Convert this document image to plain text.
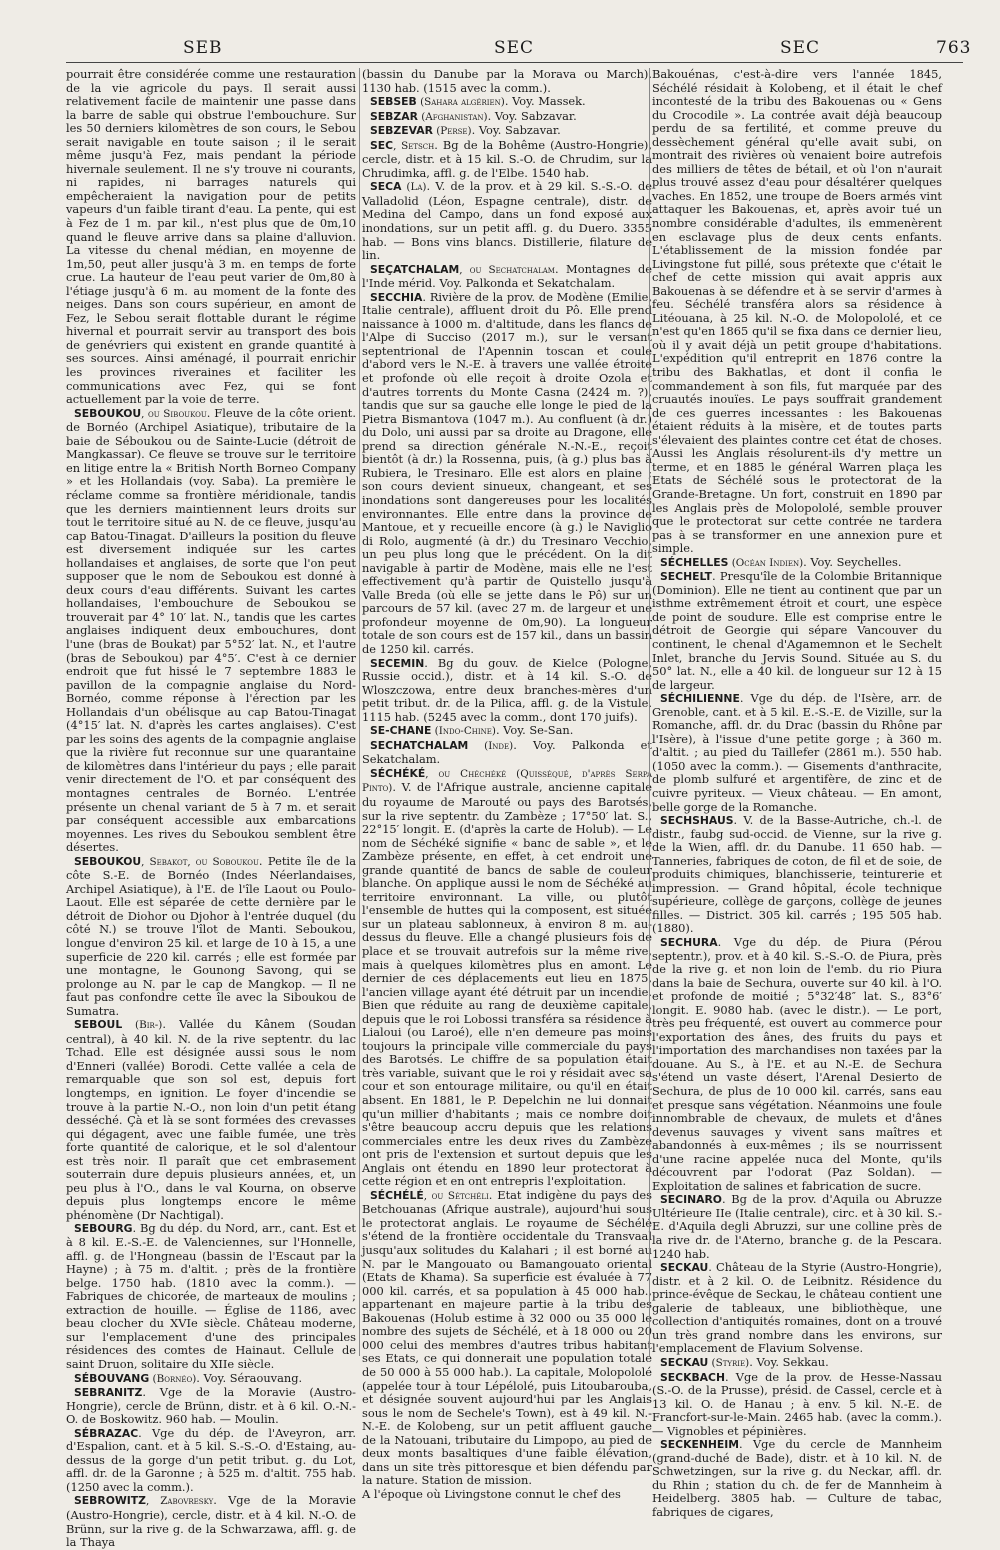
SEB	SEC	SEC	763

pourrait être considérée comme une restauration de la vie agricole du pays. Il serait aussi relativement facile de maintenir une passe dans la barre de sable qui obstrue l'embouchure. Sur les 50 derniers kilomètres de son cours, le Sebou serait navigable en toute saison ; il le serait même jusqu'à Fez, mais pendant la période hivernale seulement. Il ne s'y trouve ni courants, ni rapides, ni barrages naturels qui empêcheraient la navigation pour de petits vapeurs d'un faible tirant d'eau. La pente, qui est à Fez de 1 m. par kil., n'est plus que de 0m,10 quand le fleuve arrive dans sa plaine d'alluvion. La vitesse du chenal médian, en moyenne de 1m,50, peut aller jusqu'à 3 m. en temps de forte crue. La hauteur de l'eau peut varier de 0m,80 à l'étiage jusqu'à 6 m. au moment de la fonte des neiges. Dans son cours supérieur, en amont de Fez, le Sebou serait flottable durant le régime hivernal et pourrait servir au transport des bois de genévriers qui existent en grande quantité à ses sources. Ainsi aménagé, il pourrait enrichir les provinces riveraines et faciliter les communications avec Fez, qui se font actuellement par la voie de terre.

SEBOUKOU, ou Siboukou. Fleuve de la côte orient. de Bornéo (Archipel Asiatique), tributaire de la baie de Séboukou ou de Sainte-Lucie (détroit de Mangkassar). Ce fleuve se trouve sur le territoire en litige entre la « British North Borneo Company » et les Hollandais (voy. Saba). La première le réclame comme sa frontière méridionale, tandis que les derniers maintiennent leurs droits sur tout le territoire situé au N. de ce fleuve, jusqu'au cap Batou-Tinagat. D'ailleurs la position du fleuve est diversement indiquée sur les cartes hollandaises et anglaises, de sorte que l'on peut supposer que le nom de Seboukou est donné à deux cours d'eau différents. Suivant les cartes hollandaises, l'embouchure de Seboukou se trouverait par 4° 10′ lat. N., tandis que les cartes anglaises indiquent deux embouchures, dont l'une (bras de Boukat) par 5°52′ lat. N., et l'autre (bras de Seboukou) par 4°5′. C'est à ce dernier endroit que fut hissé le 7 septembre 1883 le pavillon de la compagnie anglaise du Nord-Bornéo, comme réponse à l'érection par les Hollandais d'un obélisque au cap Batou-Tinagat (4°15′ lat. N. d'après les cartes anglaises). C'est par les soins des agents de la compagnie anglaise que la rivière fut reconnue sur une quarantaine de kilomètres dans l'intérieur du pays ; elle parait venir directement de l'O. et par conséquent des montagnes centrales de Bornéo. L'entrée présente un chenal variant de 5 à 7 m. et serait par conséquent accessible aux embarcations moyennes. Les rives du Seboukou semblent être désertes.

SEBOUKOU, Sebakot, ou Soboukou. Petite île de la côte S.-E. de Bornéo (Indes Néerlandaises, Archipel Asiatique), à l'E. de l'île Laout ou Poulo-Laout. Elle est séparée de cette dernière par le détroit de Diohor ou Djohor à l'entrée duquel (du côté N.) se trouve l'îlot de Manti. Seboukou, longue d'environ 25 kil. et large de 10 à 15, a une superficie de 220 kil. carrés ; elle est formée par une montagne, le Gounong Savong, qui se prolonge au N. par le cap de Mangkop. — Il ne faut pas confondre cette île avec la Siboukou de Sumatra.

SEBOUL (Bir-). Vallée du Kânem (Soudan central), à 40 kil. N. de la rive septentr. du lac Tchad. Elle est désignée aussi sous le nom d'Enneri (vallée) Borodi. Cette vallée a cela de remarquable que son sol est, depuis fort longtemps, en ignition. Le foyer d'incendie se trouve à la partie N.-O., non loin d'un petit étang desséché. Çà et là se sont formées des crevasses qui dégagent, avec une faible fumée, une très forte quantité de calorique, et le sol d'alentour est très noir. Il paraît que cet embrasement souterrain dure depuis plusieurs années, et, un peu plus à l'O., dans le val Kourna, on observe depuis plus longtemps encore le même phénomène (Dr Nachtigal).

SEBOURG. Bg du dép. du Nord, arr., cant. Est et à 8 kil. E.-S.-E. de Valenciennes, sur l'Honnelle, affl. g. de l'Hongneau (bassin de l'Escaut par la Hayne) ; à 75 m. d'altit. ; près de la frontière belge. 1750 hab. (1810 avec la comm.). — Fabriques de chicorée, de marteaux de moulins ; extraction de houille. — Église de 1186, avec beau clocher du XVIe siècle. Château moderne, sur l'emplacement d'une des principales résidences des comtes de Hainaut. Cellule de saint Druon, solitaire du XIIe siècle.

SÉBOUVANG (Bornéo). Voy. Séraouvang.

SEBRANITZ. Vge de la Moravie (Austro-Hongrie), cercle de Brünn, distr. et à 6 kil. O.-N.-O. de Boskowitz. 960 hab. — Moulin.

SÉBRAZAC. Vge du dép. de l'Aveyron, arr. d'Espalion, cant. et à 5 kil. S.-S.-O. d'Estaing, au-dessus de la gorge d'un petit tribut. g. du Lot, affl. dr. de la Garonne ; à 525 m. d'altit. 755 hab. (1250 avec la comm.).

SEBROWITZ, Zabovresky. Vge de la Moravie (Austro-Hongrie), cercle, distr. et à 4 kil. N.-O. de Brünn, sur la rive g. de la Schwarzawa, affl. g. de la Thaya

(bassin du Danube par la Morava ou March). 1130 hab. (1515 avec la comm.).

SEBSEB (Sahara algérien). Voy. Massek.

SEBZAR (Afghanistan). Voy. Sabzavar.

SEBZEVAR (Perse). Voy. Sabzavar.

SEC, Setsch. Bg de la Bohême (Austro-Hongrie), cercle, distr. et à 15 kil. S.-O. de Chrudim, sur la Chrudimka, affl. g. de l'Elbe. 1540 hab.

SECA (La). V. de la prov. et à 29 kil. S.-S.-O. de Valladolid (Léon, Espagne centrale), distr. de Medina del Campo, dans un fond exposé aux inondations, sur un petit affl. g. du Duero. 3355 hab. — Bons vins blancs. Distillerie, filature de lin.

SEÇATCHALAM, ou Sechatchalam. Montagnes de l'Inde mérid. Voy. Palkonda et Sekatchalam.

SECCHIA. Rivière de la prov. de Modène (Emilie, Italie centrale), affluent droit du Pô. Elle prend naissance à 1000 m. d'altitude, dans les flancs de l'Alpe di Succiso (2017 m.), sur le versant septentrional de l'Apennin toscan et coule d'abord vers le N.-E. à travers une vallée étroite et profonde où elle reçoit à droite Ozola et d'autres torrents du Monte Casna (2424 m. ?), tandis que sur sa gauche elle longe le pied de la Pietra Bismantova (1047 m.). Au confluent (à dr.) du Dolo, uni aussi par sa droite au Dragone, elle prend sa direction générale N.-N.-E., reçoit bientôt (à dr.) la Rossenna, puis, (à g.) plus bas à Rubiera, le Tresinaro. Elle est alors en plaine ; son cours devient sinueux, changeant, et ses inondations sont dangereuses pour les localités environnantes. Elle entre dans la province de Mantoue, et y recueille encore (à g.) le Naviglio di Rolo, augmenté (à dr.) du Tresinaro Vecchio, un peu plus long que le précédent. On la dit navigable à partir de Modène, mais elle ne l'est effectivement qu'à partir de Quistello jusqu'à Valle Breda (où elle se jette dans le Pô) sur un parcours de 57 kil. (avec 27 m. de largeur et une profondeur moyenne de 0m,90). La longueur totale de son cours est de 157 kil., dans un bassin de 1250 kil. carrés.

SECEMIN. Bg du gouv. de Kielce (Pologne, Russie occid.), distr. et à 14 kil. S.-O. de Wloszczowa, entre deux branches-mères d'un petit tribut. dr. de la Pilica, affl. g. de la Vistule. 1115 hab. (5245 avec la comm., dont 170 juifs).

SE-CHANE (Indo-Chine). Voy. Se-San.

SECHATCHALAM (Inde). Voy. Palkonda et Sekatchalam.

SÉCHÉKÉ, ou Chéchéké (Quisséqué, d'après Serpa Pinto). V. de l'Afrique australe, ancienne capitale du royaume de Marouté ou pays des Barotsés, sur la rive septentr. du Zambèze ; 17°50′ lat. S., 22°15′ longit. E. (d'après la carte de Holub). — Le nom de Séchéké signifie « banc de sable », et le Zambèze présente, en effet, à cet endroit une grande quantité de bancs de sable de couleur blanche. On applique aussi le nom de Séchéké au territoire environnant. La ville, ou plutôt l'ensemble de huttes qui la composent, est située sur un plateau sablonneux, à environ 8 m. au-dessus du fleuve. Elle a changé plusieurs fois de place et se trouvait autrefois sur la même rive, mais à quelques kilomètres plus en amont. Le dernier de ces déplacements eut lieu en 1875, l'ancien village ayant été détruit par un incendie. Bien que réduite au rang de deuxième capitale, depuis que le roi Lobossi transféra sa résidence à Lialoui (ou Laroé), elle n'en demeure pas moins toujours la principale ville commerciale du pays des Barotsés. Le chiffre de sa population était très variable, suivant que le roi y résidait avec sa cour et son entourage militaire, ou qu'il en était absent. En 1881, le P. Depelchin ne lui donnait qu'un millier d'habitants ; mais ce nombre doit s'être beaucoup accru depuis que les relations commerciales entre les deux rives du Zambèze ont pris de l'extension et surtout depuis que les Anglais ont étendu en 1890 leur protectorat à cette région et en ont entrepris l'exploitation.

SÉCHÉLÉ, ou Sétchéli. Etat indigène du pays des Betchouanas (Afrique australe), aujourd'hui sous le protectorat anglais. Le royaume de Séchélé s'étend de la frontière occidentale du Transvaal jusqu'aux solitudes du Kalahari ; il est borné au N. par le Mangouato ou Bamangouato oriental (Etats de Khama). Sa superficie est évaluée à 77 000 kil. carrés, et sa population à 45 000 hab., appartenant en majeure partie à la tribu des Bakouenas (Holub estime à 32 000 ou 35 000 le nombre des sujets de Séchélé, et à 18 000 ou 20 000 celui des membres d'autres tribus habitant ses Etats, ce qui donnerait une population totale de 50 000 à 55 000 hab.). La capitale, Molopololé (appelée tour à tour Lépélolé, puis Litoubarouba, et désignée souvent aujourd'hui par les Anglais sous le nom de Sechele's Town), est à 49 kil. N.-N.-E. de Kolobeng, sur un petit affluent gauche de la Natouani, tributaire du Limpopo, au pied de deux monts basaltiques d'une faible élévation, dans un site très pittoresque et bien défendu par la nature. Station de mission.

A l'époque où Livingstone connut le chef des

Bakouénas, c'est-à-dire vers l'année 1845, Séchélé résidait à Kolobeng, et il était le chef incontesté de la tribu des Bakouenas ou « Gens du Crocodile ». La contrée avait déjà beaucoup perdu de sa fertilité, et comme preuve du dessèchement général qu'elle avait subi, on montrait des rivières où venaient boire autrefois des milliers de têtes de bétail, et où l'on n'aurait plus trouvé assez d'eau pour désaltérer quelques vaches. En 1852, une troupe de Boers armés vint attaquer les Bakouenas, et, après avoir tué un nombre considérable d'adultes, ils emmenèrent en esclavage plus de deux cents enfants. L'établissement de la mission fondée par Livingstone fut pillé, sous prétexte que c'était le chef de cette mission qui avait appris aux Bakouenas à se défendre et à se servir d'armes à feu. Séchélé transféra alors sa résidence à Litéouana, à 25 kil. N.-O. de Molopololé, et ce n'est qu'en 1865 qu'il se fixa dans ce dernier lieu, où il y avait déjà un petit groupe d'habitations. L'expédition qu'il entreprit en 1876 contre la tribu des Bakhatlas, et dont il confia le commandement à son fils, fut marquée par des cruautés inouïes. Le pays souffrait grandement de ces guerres incessantes : les Bakouenas étaient réduits à la misère, et de toutes parts s'élevaient des plaintes contre cet état de choses. Aussi les Anglais résolurent-ils d'y mettre un terme, et en 1885 le général Warren plaça les Etats de Séchélé sous le protectorat de la Grande-Bretagne. Un fort, construit en 1890 par les Anglais près de Molopololé, semble prouver que le protectorat sur cette contrée ne tardera pas à se transformer en une annexion pure et simple.

SÉCHELLES (Océan Indien). Voy. Seychelles.

SECHELT. Presqu'île de la Colombie Britannique (Dominion). Elle ne tient au continent que par un isthme extrêmement étroit et court, une espèce de point de soudure. Elle est comprise entre le détroit de Georgie qui sépare Vancouver du continent, le chenal d'Agamemnon et le Sechelt Inlet, branche du Jervis Sound. Située au S. du 50° lat. N., elle a 40 kil. de longueur sur 12 à 15 de largeur.

SÉCHILIENNE. Vge du dép. de l'Isère, arr. de Grenoble, cant. et à 5 kil. E.-S.-E. de Vizille, sur la Romanche, affl. dr. du Drac (bassin du Rhône par l'Isère), à l'issue d'une petite gorge ; à 360 m. d'altit. ; au pied du Taillefer (2861 m.). 550 hab. (1050 avec la comm.). — Gisements d'anthracite, de plomb sulfuré et argentifère, de zinc et de cuivre pyriteux. — Vieux château. — En amont, belle gorge de la Romanche.

SECHSHAUS. V. de la Basse-Autriche, ch.-l. de distr., faubg sud-occid. de Vienne, sur la rive g. de la Wien, affl. dr. du Danube. 11 650 hab. — Tanneries, fabriques de coton, de fil et de soie, de produits chimiques, blanchisserie, teinturerie et impression. — Grand hôpital, école technique supérieure, collège de garçons, collège de jeunes filles. — District. 305 kil. carrés ; 195 505 hab. (1880).

SECHURA. Vge du dép. de Piura (Pérou septentr.), prov. et à 40 kil. S.-S.-O. de Piura, près de la rive g. et non loin de l'emb. du rio Piura dans la baie de Sechura, ouverte sur 40 kil. à l'O. et profonde de moitié ; 5°32′48″ lat. S., 83°6′ longit. E. 9080 hab. (avec le distr.). — Le port, très peu fréquenté, est ouvert au commerce pour l'exportation des ânes, des fruits du pays et l'importation des marchandises non taxées par la douane. Au S., à l'E. et au N.-E. de Sechura s'étend un vaste désert, l'Arenal Desierto de Sechura, de plus de 10 000 kil. carrés, sans eau et presque sans végétation. Néanmoins une foule innombrable de chevaux, de mulets et d'ânes devenus sauvages y vivent sans maîtres et abandonnés à eux-mêmes ; ils se nourrissent d'une racine appelée nuca del Monte, qu'ils découvrent par l'odorat (Paz Soldan). — Exploitation de salines et fabrication de sucre.

SECINARO. Bg de la prov. d'Aquila ou Abruzze Ultérieure IIe (Italie centrale), circ. et à 30 kil. S.-E. d'Aquila degli Abruzzi, sur une colline près de la rive dr. de l'Aterno, branche g. de la Pescara. 1240 hab.

SECKAU. Château de la Styrie (Austro-Hongrie), distr. et à 2 kil. O. de Leibnitz. Résidence du prince-évêque de Seckau, le château contient une galerie de tableaux, une bibliothèque, une collection d'antiquités romaines, dont on a trouvé un très grand nombre dans les environs, sur l'emplacement de Flavium Solvense.

SECKAU (Styrie). Voy. Sekkau.

SECKBACH. Vge de la prov. de Hesse-Nassau (S.-O. de la Prusse), présid. de Cassel, cercle et à 13 kil. O. de Hanau ; à env. 5 kil. N.-E. de Francfort-sur-le-Main. 2465 hab. (avec la comm.). — Vignobles et pépinières.

SECKENHEIM. Vge du cercle de Mannheim (grand-duché de Bade), distr. et à 10 kil. N. de Schwetzingen, sur la rive g. du Neckar, affl. dr. du Rhin ; station du ch. de fer de Mannheim à Heidelberg. 3805 hab. — Culture de tabac, fabriques de cigares,
